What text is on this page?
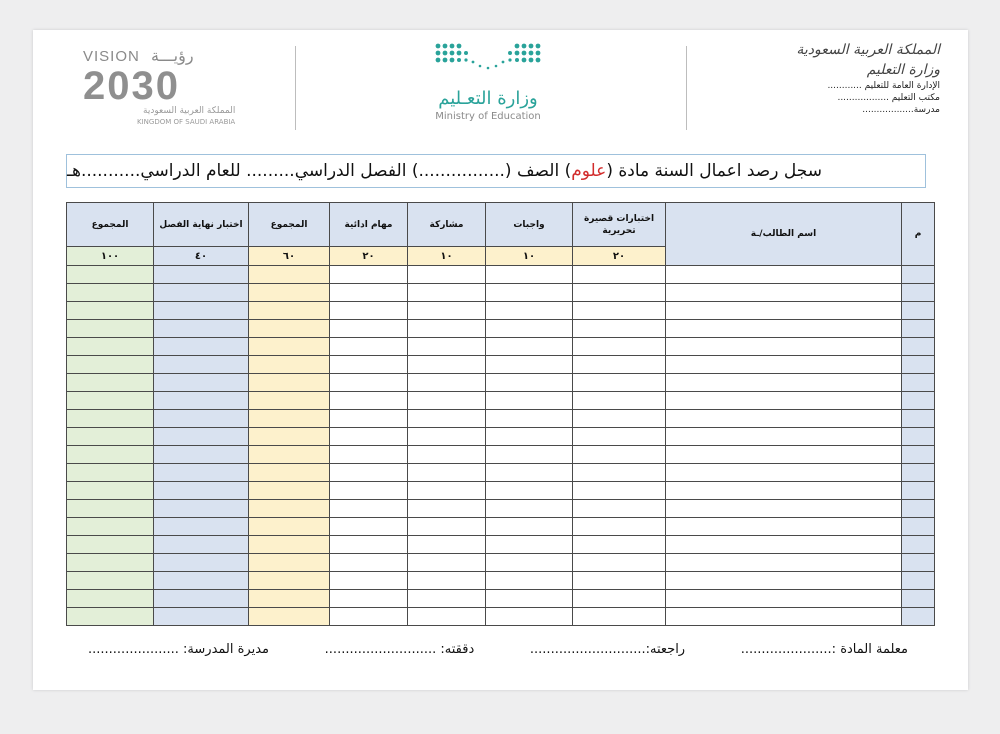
VISION رؤيـــة
2030
المملكة العربية السعودية
KINGDOM OF SAUDI ARABIA
وزارة التعـليم
Ministry of Education
المملكة العربية السعودية
وزارة التعليم
الإدارة العامة للتعليم ............
مكتب التعليم ..................
مدرسة..................
سجل رصد اعمال السنة مادة (
علوم
) الصف (................) الفصل الدراسي......... للعام الدراسي...........هـ
م	اسم الطالب/ـة	اختبارات قصيرة تحريرية	واجبات	مشاركة	مهام ادائية	المجموع	اختبار نهاية الفصل	المجموع
		٢٠	١٠	١٠	٢٠	٦٠	٤٠	١٠٠

معلمة المادة :......................
راجعته:............................
دققته: ...........................
مديرة المدرسة: ......................
